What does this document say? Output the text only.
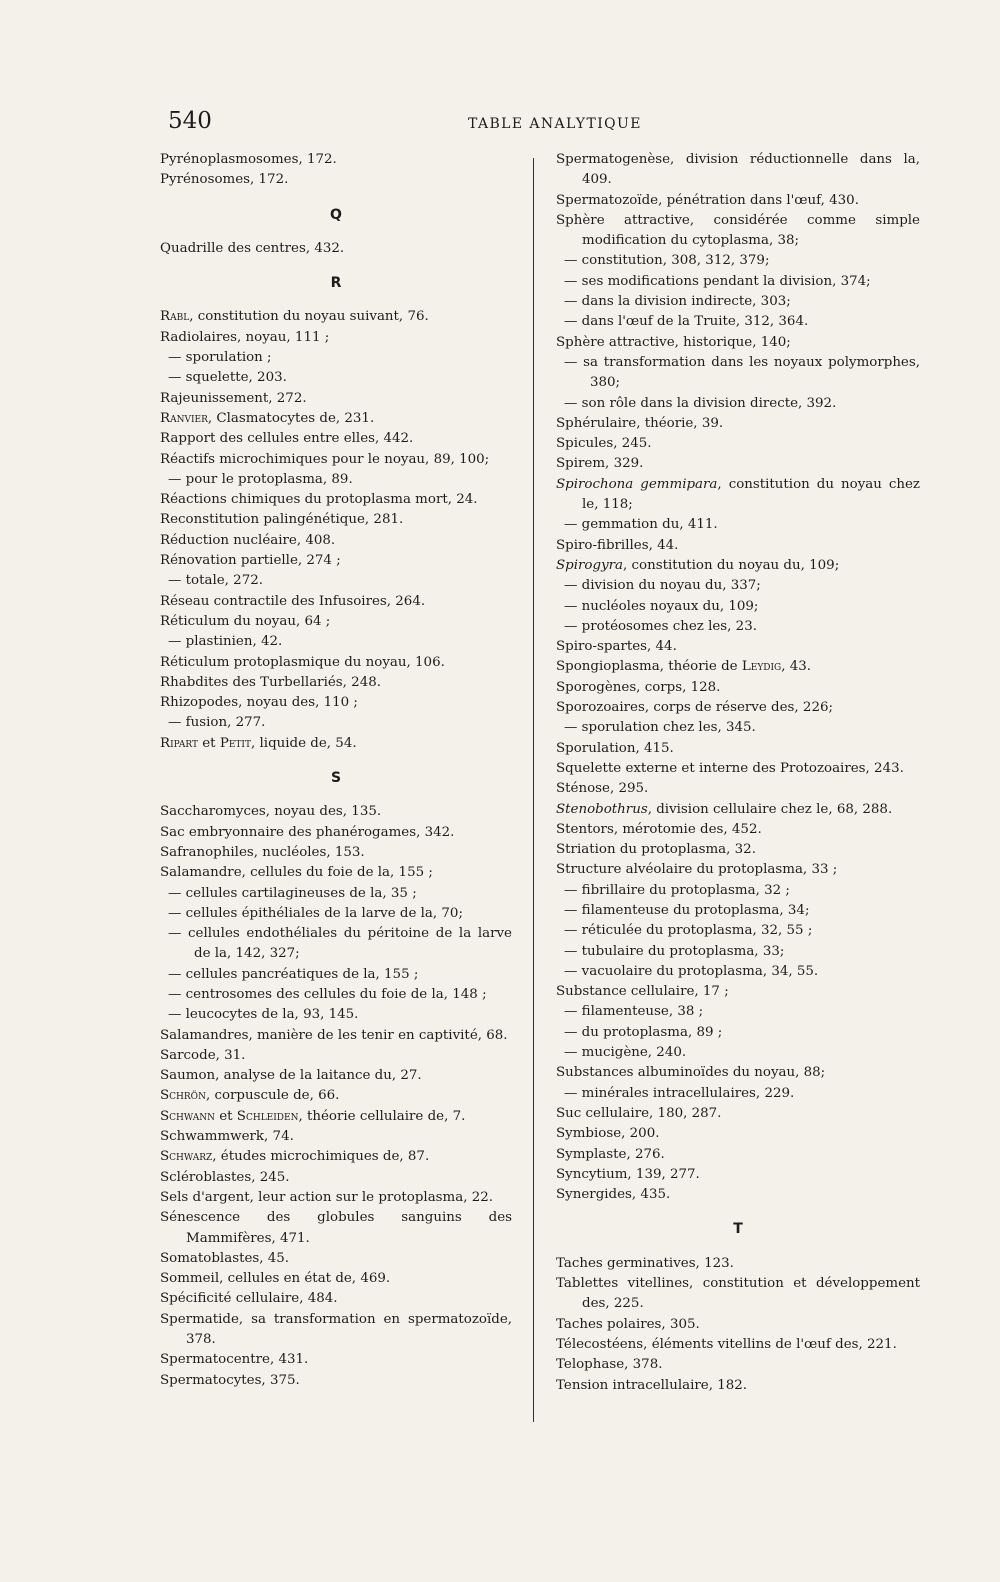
540	TABLE ANALYTIQUE

Pyrénoplasmosomes, 172.

Pyrénosomes, 172.

Q

Quadrille des centres, 432.

R

Rabl, constitution du noyau suivant, 76.

Radiolaires, noyau, 111 ;

— sporulation ;

— squelette, 203.

Rajeunissement, 272.

Ranvier, Clasmatocytes de, 231.

Rapport des cellules entre elles, 442.

Réactifs microchimiques pour le noyau, 89, 100;

— pour le protoplasma, 89.

Réactions chimiques du protoplasma mort, 24.

Reconstitution palingénétique, 281.

Réduction nucléaire, 408.

Rénovation partielle, 274 ;

— totale, 272.

Réseau contractile des Infusoires, 264.

Réticulum du noyau, 64 ;

— plastinien, 42.

Réticulum protoplasmique du noyau, 106.

Rhabdites des Turbellariés, 248.

Rhizopodes, noyau des, 110 ;

— fusion, 277.

Ripart et Petit, liquide de, 54.

S

Saccharomyces, noyau des, 135.

Sac embryonnaire des phanérogames, 342.

Safranophiles, nucléoles, 153.

Salamandre, cellules du foie de la, 155 ;

— cellules cartilagineuses de la, 35 ;

— cellules épithéliales de la larve de la, 70;

— cellules endothéliales du péritoine de la larve de la, 142, 327;

— cellules pancréatiques de la, 155 ;

— centrosomes des cellules du foie de la, 148 ;

— leucocytes de la, 93, 145.

Salamandres, manière de les tenir en captivité, 68.

Sarcode, 31.

Saumon, analyse de la laitance du, 27.

Schrön, corpuscule de, 66.

Schwann et Schleiden, théorie cellulaire de, 7.

Schwammwerk, 74.

Schwarz, études microchimiques de, 87.

Scléroblastes, 245.

Sels d'argent, leur action sur le protoplasma, 22.

Sénescence des globules sanguins des Mammifères, 471.

Somatoblastes, 45.

Sommeil, cellules en état de, 469.

Spécificité cellulaire, 484.

Spermatide, sa transformation en spermatozoïde, 378.

Spermatocentre, 431.

Spermatocytes, 375.

Spermatogenèse, division réductionnelle dans la, 409.

Spermatozoïde, pénétration dans l'œuf, 430.

Sphère attractive, considérée comme simple modification du cytoplasma, 38;

— constitution, 308, 312, 379;

— ses modifications pendant la division, 374;

— dans la division indirecte, 303;

— dans l'œuf de la Truite, 312, 364.

Sphère attractive, historique, 140;

— sa transformation dans les noyaux polymorphes, 380;

— son rôle dans la division directe, 392.

Sphérulaire, théorie, 39.

Spicules, 245.

Spirem, 329.

Spirochona gemmipara, constitution du noyau chez le, 118;

— gemmation du, 411.

Spiro-fibrilles, 44.

Spirogyra, constitution du noyau du, 109;

— division du noyau du, 337;

— nucléoles noyaux du, 109;

— protéosomes chez les, 23.

Spiro-spartes, 44.

Spongioplasma, théorie de Leydig, 43.

Sporogènes, corps, 128.

Sporozoaires, corps de réserve des, 226;

— sporulation chez les, 345.

Sporulation, 415.

Squelette externe et interne des Protozoaires, 243.

Sténose, 295.

Stenobothrus, division cellulaire chez le, 68, 288.

Stentors, mérotomie des, 452.

Striation du protoplasma, 32.

Structure alvéolaire du protoplasma, 33 ;

— fibrillaire du protoplasma, 32 ;

— filamenteuse du protoplasma, 34;

— réticulée du protoplasma, 32, 55 ;

— tubulaire du protoplasma, 33;

— vacuolaire du protoplasma, 34, 55.

Substance cellulaire, 17 ;

— filamenteuse, 38 ;

— du protoplasma, 89 ;

— mucigène, 240.

Substances albuminoïdes du noyau, 88;

— minérales intracellulaires, 229.

Suc cellulaire, 180, 287.

Symbiose, 200.

Symplaste, 276.

Syncytium, 139, 277.

Synergides, 435.

T

Taches germinatives, 123.

Tablettes vitellines, constitution et développement des, 225.

Taches polaires, 305.

Télecostéens, éléments vitellins de l'œuf des, 221.

Telophase, 378.

Tension intracellulaire, 182.
